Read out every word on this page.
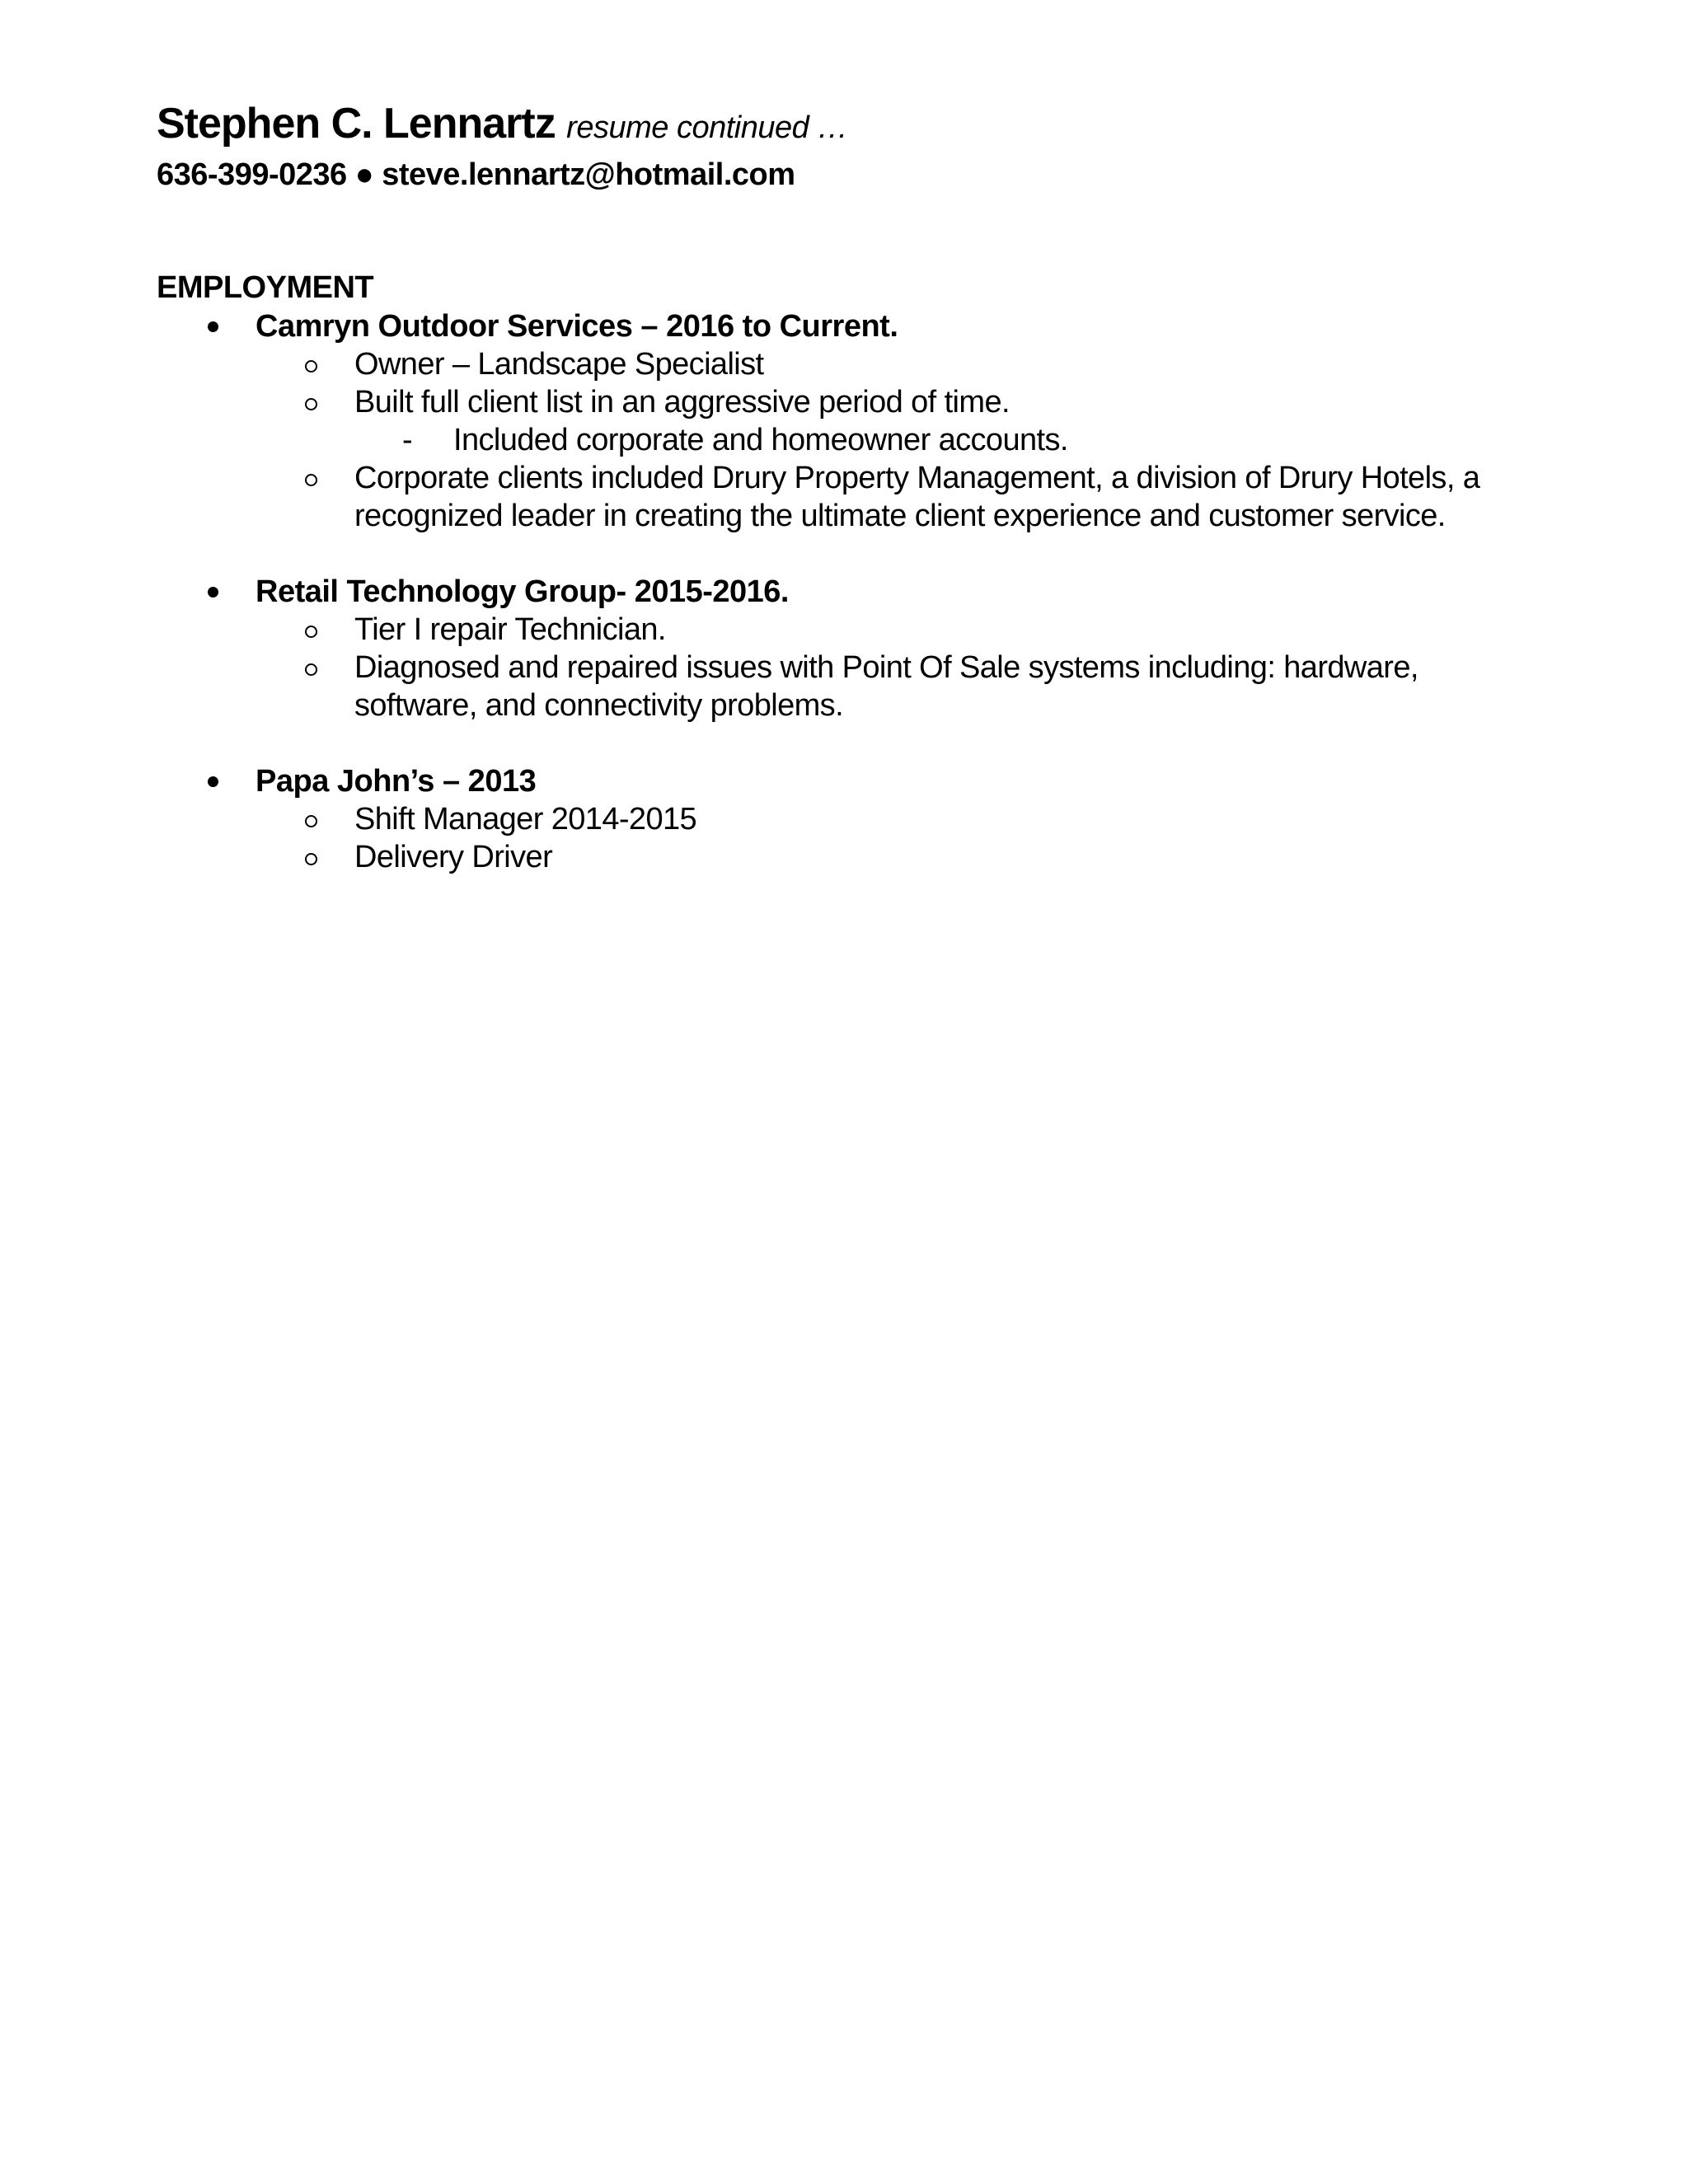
Stephen C. Lennartz resume continued …
636-399-0236 ● steve.lennartz@hotmail.com
EMPLOYMENT
Camryn Outdoor Services – 2016 to Current.
Owner – Landscape Specialist
Built full client list in an aggressive period of time.
- Included corporate and homeowner accounts.
Corporate clients included Drury Property Management, a division of Drury Hotels, a recognized leader in creating the ultimate client experience and customer service.
Retail Technology Group- 2015-2016.
Tier I repair Technician.
Diagnosed and repaired issues with Point Of Sale systems including: hardware, software, and connectivity problems.
Papa John’s – 2013
Shift Manager 2014-2015
Delivery Driver
